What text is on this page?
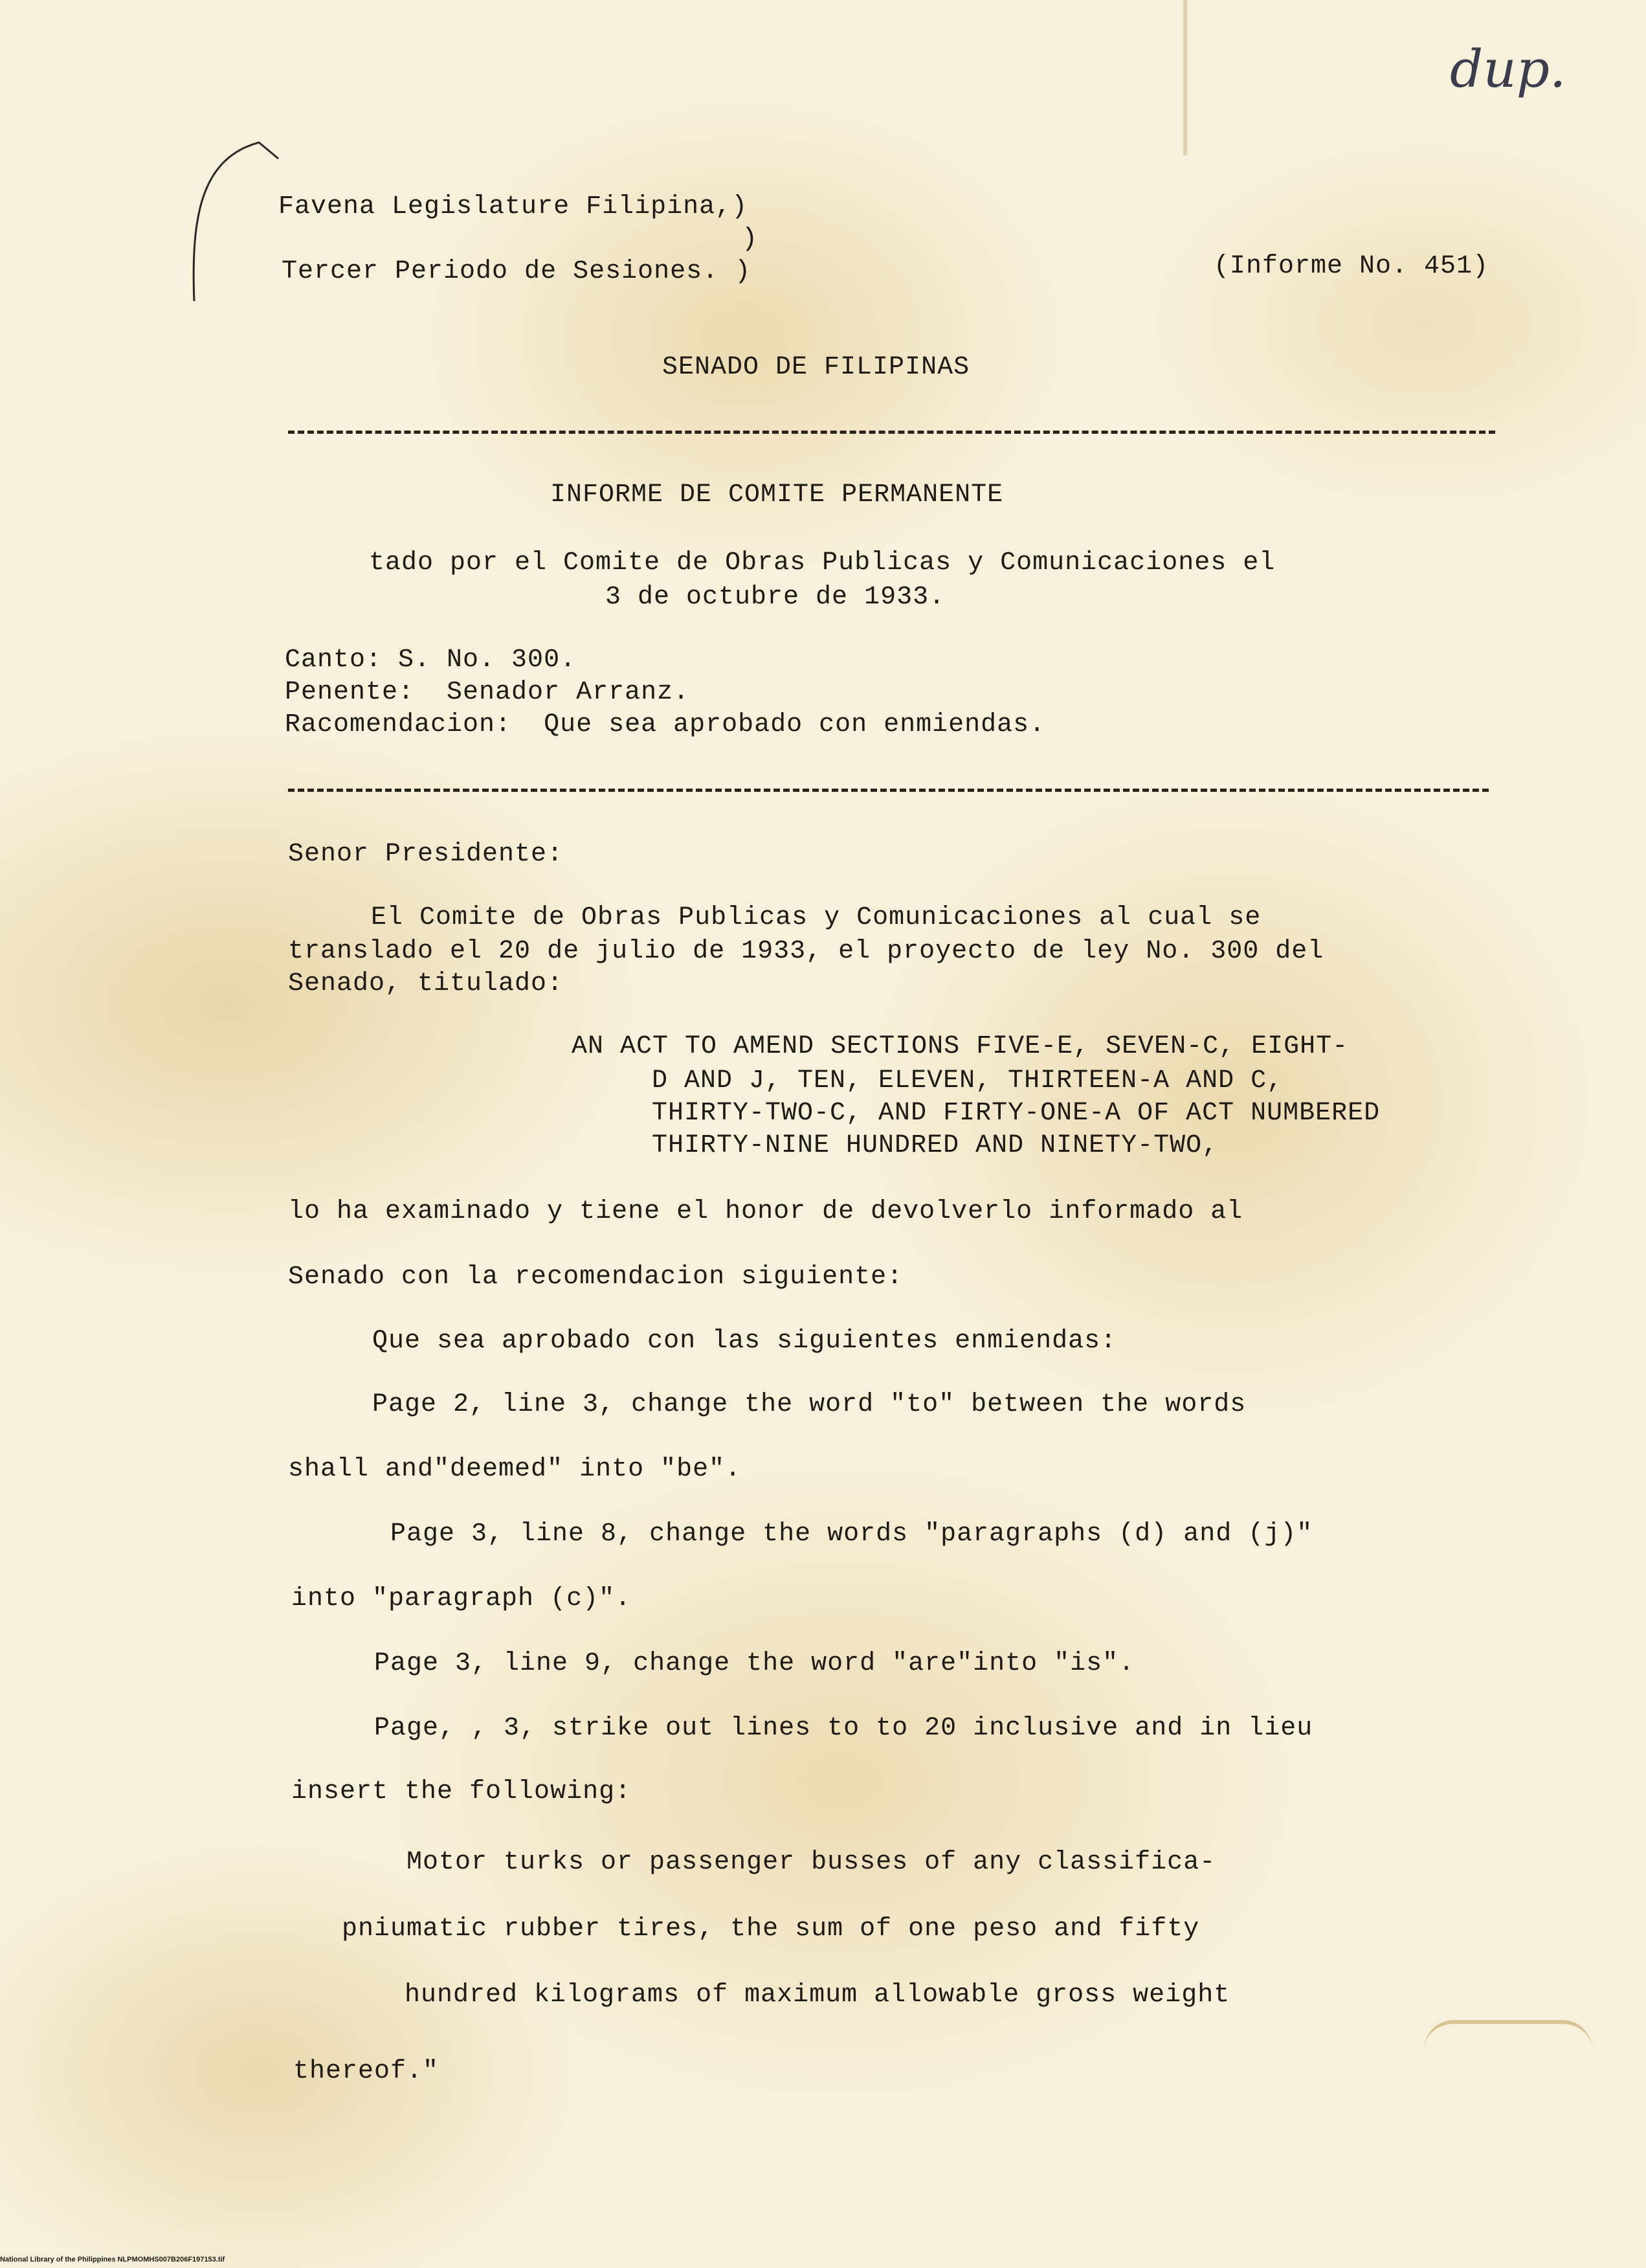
dup.
Favena Legislature Filipina,)
)
Tercer Periodo de Sesiones. )	(Informe No. 451)
SENADO DE FILIPINAS
INFORME DE COMITE PERMANENTE
tado por el Comite de Obras Publicas y Comunicaciones el
3 de octubre de 1933.
Canto: S. No. 300.
Penente:  Senador Arranz.
Racomendacion:  Que sea aprobado con enmiendas.
Senor Presidente:
El Comite de Obras Publicas y Comunicaciones al cual se
translado el 20 de julio de 1933, el proyecto de ley No. 300 del
Senado, titulado:
AN ACT TO AMEND SECTIONS FIVE-E, SEVEN-C, EIGHT-
D AND J, TEN, ELEVEN, THIRTEEN-A AND C,
THIRTY-TWO-C, AND FIRTY-ONE-A OF ACT NUMBERED
THIRTY-NINE HUNDRED AND NINETY-TWO,
lo ha examinado y tiene el honor de devolverlo informado al
Senado con la recomendacion siguiente:
Que sea aprobado con las siguientes enmiendas:
Page 2, line 3, change the word "to" between the words
shall and"deemed" into "be".
Page 3, line 8, change the words "paragraphs (d) and (j)"
into "paragraph (c)".
Page 3, line 9, change the word "are"into "is".
Page, , 3, strike out lines to to 20 inclusive and in lieu
insert the following:
Motor turks or passenger busses of any classifica-
pniumatic rubber tires, the sum of one peso and fifty
hundred kilograms of maximum allowable gross weight
thereof."
National Library of the Philippines NLPMOMHS007B206F197153.tif
